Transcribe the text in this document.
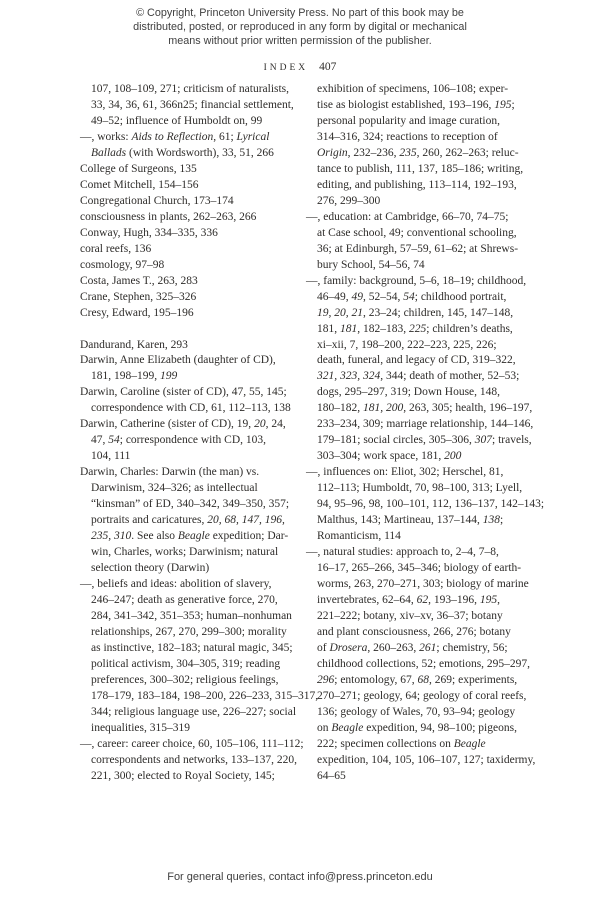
© Copyright, Princeton University Press. No part of this book may be
distributed, posted, or reproduced in any form by digital or mechanical
means without prior written permission of the publisher.
INDEX 407
107, 108–109, 271; criticism of naturalists,
33, 34, 36, 61, 366n25; financial settlement,
49–52; influence of Humboldt on, 99
—, works: Aids to Reflection, 61; Lyrical
Ballads (with Wordsworth), 33, 51, 266
College of Surgeons, 135
Comet Mitchell, 154–156
Congregational Church, 173–174
consciousness in plants, 262–263, 266
Conway, Hugh, 334–335, 336
coral reefs, 136
cosmology, 97–98
Costa, James T., 263, 283
Crane, Stephen, 325–326
Cresy, Edward, 195–196
Dandurand, Karen, 293
Darwin, Anne Elizabeth (daughter of CD),
181, 198–199, 199
Darwin, Caroline (sister of CD), 47, 55, 145;
correspondence with CD, 61, 112–113, 138
Darwin, Catherine (sister of CD), 19, 20, 24,
47, 54; correspondence with CD, 103,
104, 111
Darwin, Charles: Darwin (the man) vs.
Darwinism, 324–326; as intellectual
“kinsman” of ED, 340–342, 349–350, 357;
portraits and caricatures, 20, 68, 147, 196,
235, 310. See also Beagle expedition; Dar-
win, Charles, works; Darwinism; natural
selection theory (Darwin)
—, beliefs and ideas: abolition of slavery,
246–247; death as generative force, 270,
284, 341–342, 351–353; human–nonhuman
relationships, 267, 270, 299–300; morality
as instinctive, 182–183; natural magic, 345;
political activism, 304–305, 319; reading
preferences, 300–302; religious feelings,
178–179, 183–184, 198–200, 226–233, 315–317,
344; religious language use, 226–227; social
inequalities, 315–319
—, career: career choice, 60, 105–106, 111–112;
correspondents and networks, 133–137, 220,
221, 300; elected to Royal Society, 145;
exhibition of specimens, 106–108; exper-
tise as biologist established, 193–196, 195;
personal popularity and image curation,
314–316, 324; reactions to reception of
Origin, 232–236, 235, 260, 262–263; reluc-
tance to publish, 111, 137, 185–186; writing,
editing, and publishing, 113–114, 192–193,
276, 299–300
—, education: at Cambridge, 66–70, 74–75;
at Case school, 49; conventional schooling,
36; at Edinburgh, 57–59, 61–62; at Shrews-
bury School, 54–56, 74
—, family: background, 5–6, 18–19; childhood,
46–49, 49, 52–54, 54; childhood portrait,
19, 20, 21, 23–24; children, 145, 147–148,
181, 181, 182–183, 225; children’s deaths,
xi–xii, 7, 198–200, 222–223, 225, 226;
death, funeral, and legacy of CD, 319–322,
321, 323, 324, 344; death of mother, 52–53;
dogs, 295–297, 319; Down House, 148,
180–182, 181, 200, 263, 305; health, 196–197,
233–234, 309; marriage relationship, 144–146,
179–181; social circles, 305–306, 307; travels,
303–304; work space, 181, 200
—, influences on: Eliot, 302; Herschel, 81,
112–113; Humboldt, 70, 98–100, 313; Lyell,
94, 95–96, 98, 100–101, 112, 136–137, 142–143;
Malthus, 143; Martineau, 137–144, 138;
Romanticism, 114
—, natural studies: approach to, 2–4, 7–8,
16–17, 265–266, 345–346; biology of earth-
worms, 263, 270–271, 303; biology of marine
invertebrates, 62–64, 62, 193–196, 195,
221–222; botany, xiv–xv, 36–37; botany
and plant consciousness, 266, 276; botany
of Drosera, 260–263, 261; chemistry, 56;
childhood collections, 52; emotions, 295–297,
296; entomology, 67, 68, 269; experiments,
270–271; geology, 64; geology of coral reefs,
136; geology of Wales, 70, 93–94; geology
on Beagle expedition, 94, 98–100; pigeons,
222; specimen collections on Beagle
expedition, 104, 105, 106–107, 127; taxidermy,
64–65
For general queries, contact info@press.princeton.edu
